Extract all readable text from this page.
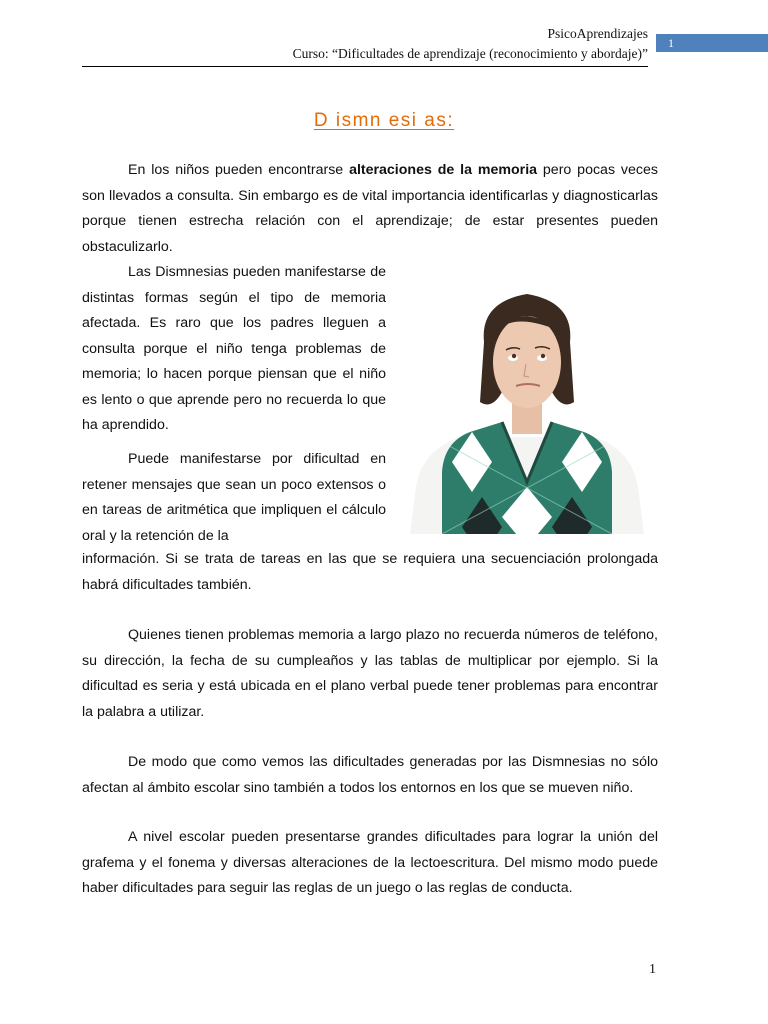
PsicoAprendizajes
Curso: “Dificultades de aprendizaje (reconocimiento y abordaje)”
1
D ismn esi as:

En los niños pueden encontrarse alteraciones de la memoria pero pocas veces son llevados a consulta. Sin embargo es de vital importancia identificarlas y diagnosticarlas porque tienen estrecha relación con el aprendizaje; de estar presentes pueden obstaculizarlo.

Las Dismnesias pueden manifestarse de distintas formas según el tipo de memoria afectada. Es raro que los padres lleguen a consulta porque el niño tenga problemas de memoria; lo hacen porque piensan que el niño es lento o que aprende pero no recuerda lo que ha aprendido.

Puede manifestarse por dificultad en retener mensajes que sean un poco extensos o en tareas de aritmética que impliquen el cálculo oral y la retención de la

información. Si se trata de tareas en las que se requiera una secuenciación prolongada habrá dificultades también.

Quienes tienen problemas memoria a largo plazo no recuerda números de teléfono, su dirección, la fecha de su cumpleaños y las tablas de multiplicar por ejemplo. Si la dificultad es seria y está ubicada en el plano verbal puede tener problemas para encontrar la palabra a utilizar.

De modo que como vemos las dificultades generadas por las Dismnesias no sólo afectan al ámbito escolar sino también a todos los entornos en los que se mueven niño.

A nivel escolar pueden presentarse grandes dificultades para lograr la unión del grafema y el fonema y diversas alteraciones de la lectoescritura. Del mismo modo puede haber dificultades para seguir las reglas de un juego o las reglas de conducta.

1
